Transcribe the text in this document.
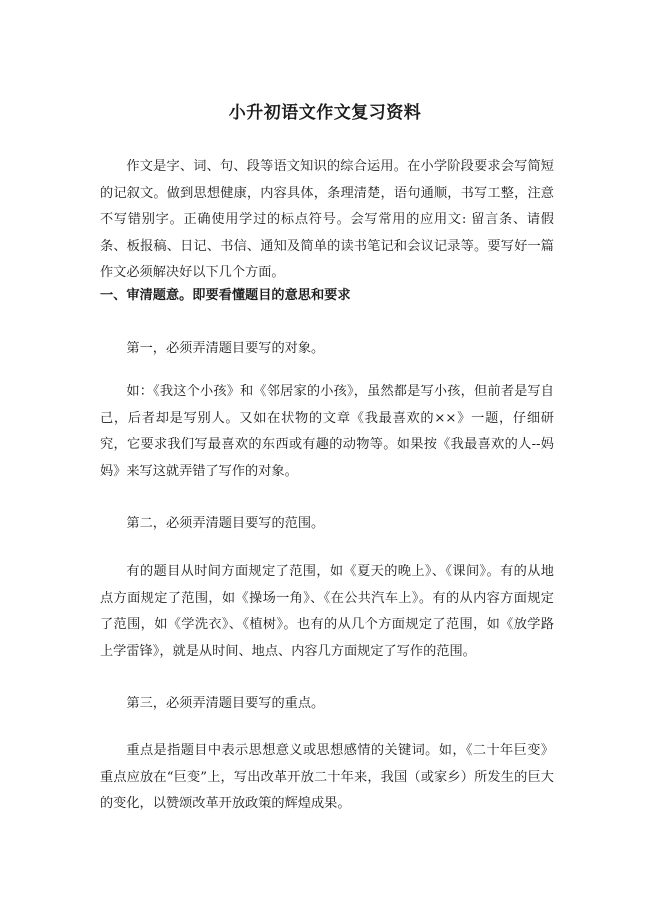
小升初语文作文复习资料

作文是字、词、句、段等语文知识的综合运用。在小学阶段要求会写简短的记叙文。做到思想健康，内容具体，条理清楚，语句通顺，书写工整，注意不写错别字。正确使用学过的标点符号。会写常用的应用文: 留言条、请假条、板报稿、日记、书信、通知及简单的读书笔记和会议记录等。要写好一篇作文必须解决好以下几个方面。

一、审清题意。即要看懂题目的意思和要求

第一，必须弄清题目要写的对象。

如：《我这个小孩》和《邻居家的小孩》，虽然都是写小孩，但前者是写自己，后者却是写别人。又如在状物的文章《我最喜欢的××》一题，仔细研究，它要求我们写最喜欢的东西或有趣的动物等。如果按《我最喜欢的人--妈妈》来写这就弄错了写作的对象。

第二，必须弄清题目要写的范围。

有的题目从时间方面规定了范围，如《夏天的晚上》、《课间》。有的从地点方面规定了范围，如《操场一角》、《在公共汽车上》。有的从内容方面规定了范围，如《学洗衣》、《植树》。也有的从几个方面规定了范围，如《放学路上学雷锋》，就是从时间、地点、内容几方面规定了写作的范围。

第三，必须弄清题目要写的重点。

重点是指题目中表示思想意义或思想感情的关键词。如，《二十年巨变》重点应放在“巨变”上，写出改革开放二十年来，我国（或家乡）所发生的巨大的变化，以赞颂改革开放政策的辉煌成果。
